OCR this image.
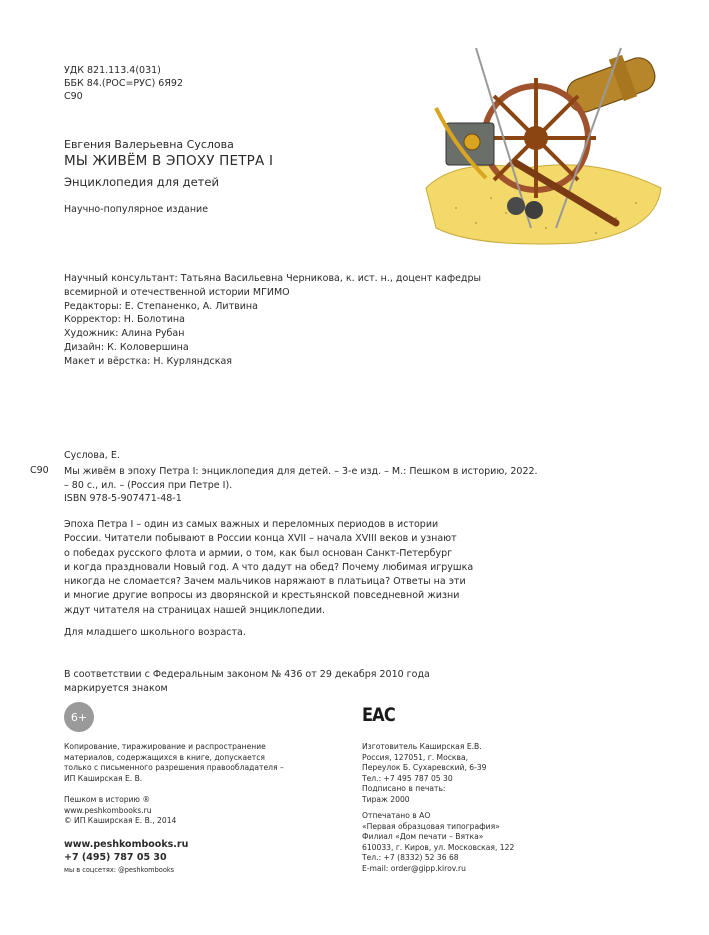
УДК 821.113.4(031)
ББК 84.(РОС=РУС) 6Я92
С90
Евгения Валерьевна Суслова
МЫ ЖИВЁМ В ЭПОХУ ПЕТРА I
Энциклопедия для детей
Научно-популярное издание
Научный консультант: Татьяна Васильевна Черникова, к. ист. н., доцент кафедры
всемирной и отечественной истории МГИМО
Редакторы: Е. Степаненко, А. Литвина
Корректор: Н. Болотина
Художник: Алина Рубан
Дизайн: К. Коловершина
Макет и вёрстка: Н. Курляндская
Суслова, Е.
С90 Мы живём в эпоху Петра I: энциклопедия для детей. – 3-е изд. – М.: Пешком в историю, 2022.
– 80 с., ил. – (Россия при Петре I).
ISBN 978-5-907471-48-1
Эпоха Петра I – один из самых важных и переломных периодов в истории
России. Читатели побывают в России конца XVII – начала XVIII веков и узнают
о победах русского флота и армии, о том, как был основан Санкт-Петербург
и когда праздновали Новый год. А что дадут на обед? Почему любимая игрушка
никогда не сломается? Зачем мальчиков наряжают в платьица? Ответы на эти
и многие другие вопросы из дворянской и крестьянской повседневной жизни
ждут читателя на страницах нашей энциклопедии.
Для младшего школьного возраста.
В соответствии с Федеральным законом № 436 от 29 декабря 2010 года
маркируется знаком
6+	ЕАС
Копирование, тиражирование и распространение
материалов, содержащихся в книге, допускается
только с письменного разрешения правообладателя –
ИП Каширская Е. В.
Пешком в историю ®
www.peshkombooks.ru
© ИП Каширская Е. В., 2014
Изготовитель Каширская Е.В.
Россия, 127051, г. Москва,
Переулок Б. Сухаревский, 6-39
Тел.: +7 495 787 05 30
Подписано в печать:
Тираж 2000
Отпечатано в АО
«Первая образцовая типография»
Филиал «Дом печати – Вятка»
610033, г. Киров, ул. Московская, 122
Тел.: +7 (8332) 52 36 68
E-mail: order@gipp.kirov.ru
www.peshkombooks.ru
+7 (495) 787 05 30
мы в соцсетях: @peshkombooks
